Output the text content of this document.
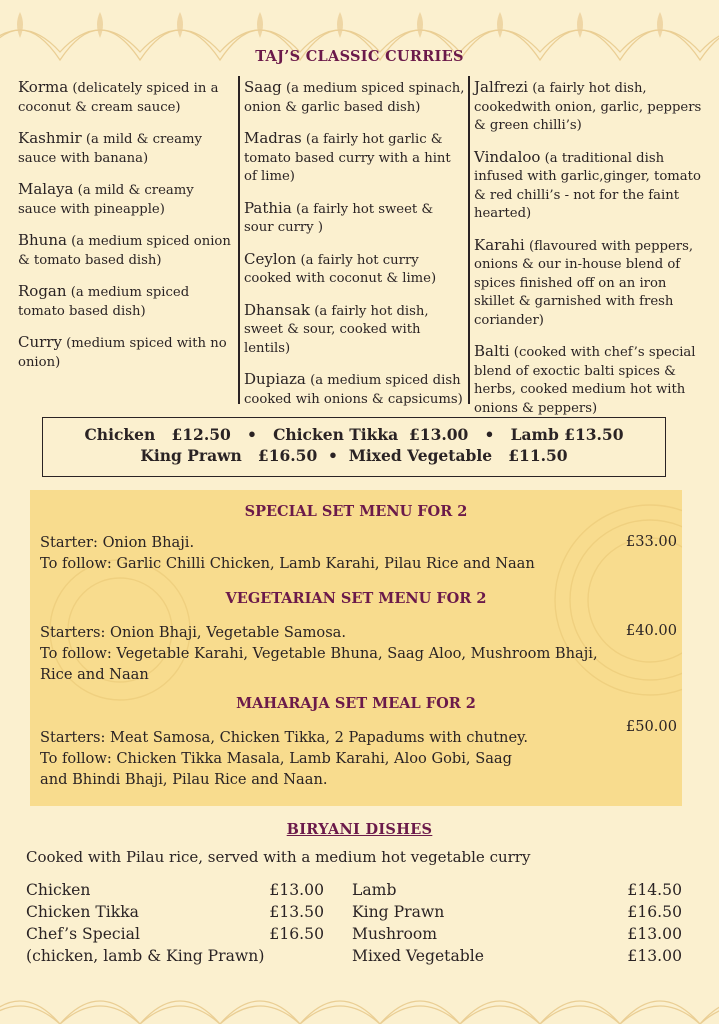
TAJ’S CLASSIC CURRIES
Korma (delicately spiced in a coconut & cream sauce)
Kashmir (a mild & creamy sauce with banana)
Malaya (a mild & creamy sauce with pineapple)
Bhuna (a medium spiced onion & tomato based dish)
Rogan (a medium spiced tomato based dish)
Curry (medium spiced with no onion)
Saag (a medium spiced spinach, onion & garlic based dish)
Madras (a fairly hot garlic & tomato based curry with a hint of lime)
Pathia (a fairly hot sweet & sour curry )
Ceylon (a fairly hot curry cooked with coconut & lime)
Dhansak (a fairly hot dish, sweet & sour, cooked with lentils)
Dupiaza (a medium spiced dish cooked wih onions & capsicums)
Jalfrezi (a fairly hot dish, cookedwith onion, garlic, peppers & green chilli’s)
Vindaloo (a traditional dish infused with garlic,ginger, tomato & red chilli’s - not for the faint hearted)
Karahi (flavoured with peppers, onions & our in-house blend of spices finished off on an iron skillet & garnished with fresh coriander)
Balti (cooked with chef’s special blend of exoctic balti spices & herbs, cooked medium hot with onions & peppers)
Chicken   £12.50   •   Chicken Tikka  £13.00   •   Lamb £13.50
King Prawn   £16.50  •  Mixed Vegetable   £11.50
SPECIAL SET MENU FOR 2
Starter: Onion Bhaji.
To follow: Garlic Chilli Chicken, Lamb Karahi, Pilau Rice and Naan
£33.00
VEGETARIAN SET MENU FOR 2
Starters: Onion Bhaji, Vegetable Samosa.
To follow: Vegetable Karahi, Vegetable Bhuna, Saag Aloo, Mushroom Bhaji, Rice and Naan
£40.00
MAHARAJA SET MEAL FOR 2
Starters: Meat Samosa, Chicken Tikka, 2 Papadums with chutney.
To follow: Chicken Tikka Masala, Lamb Karahi, Aloo Gobi, Saag and Bhindi Bhaji, Pilau Rice and Naan.
£50.00
BIRYANI DISHES
Cooked with Pilau rice, served with a medium hot vegetable curry
Chicken	£13.00
Chicken Tikka	£13.50
Chef’s Special	£16.50
(chicken, lamb & King Prawn)
Lamb	£14.50
King Prawn	£16.50
Mushroom	£13.00
Mixed Vegetable	£13.00
